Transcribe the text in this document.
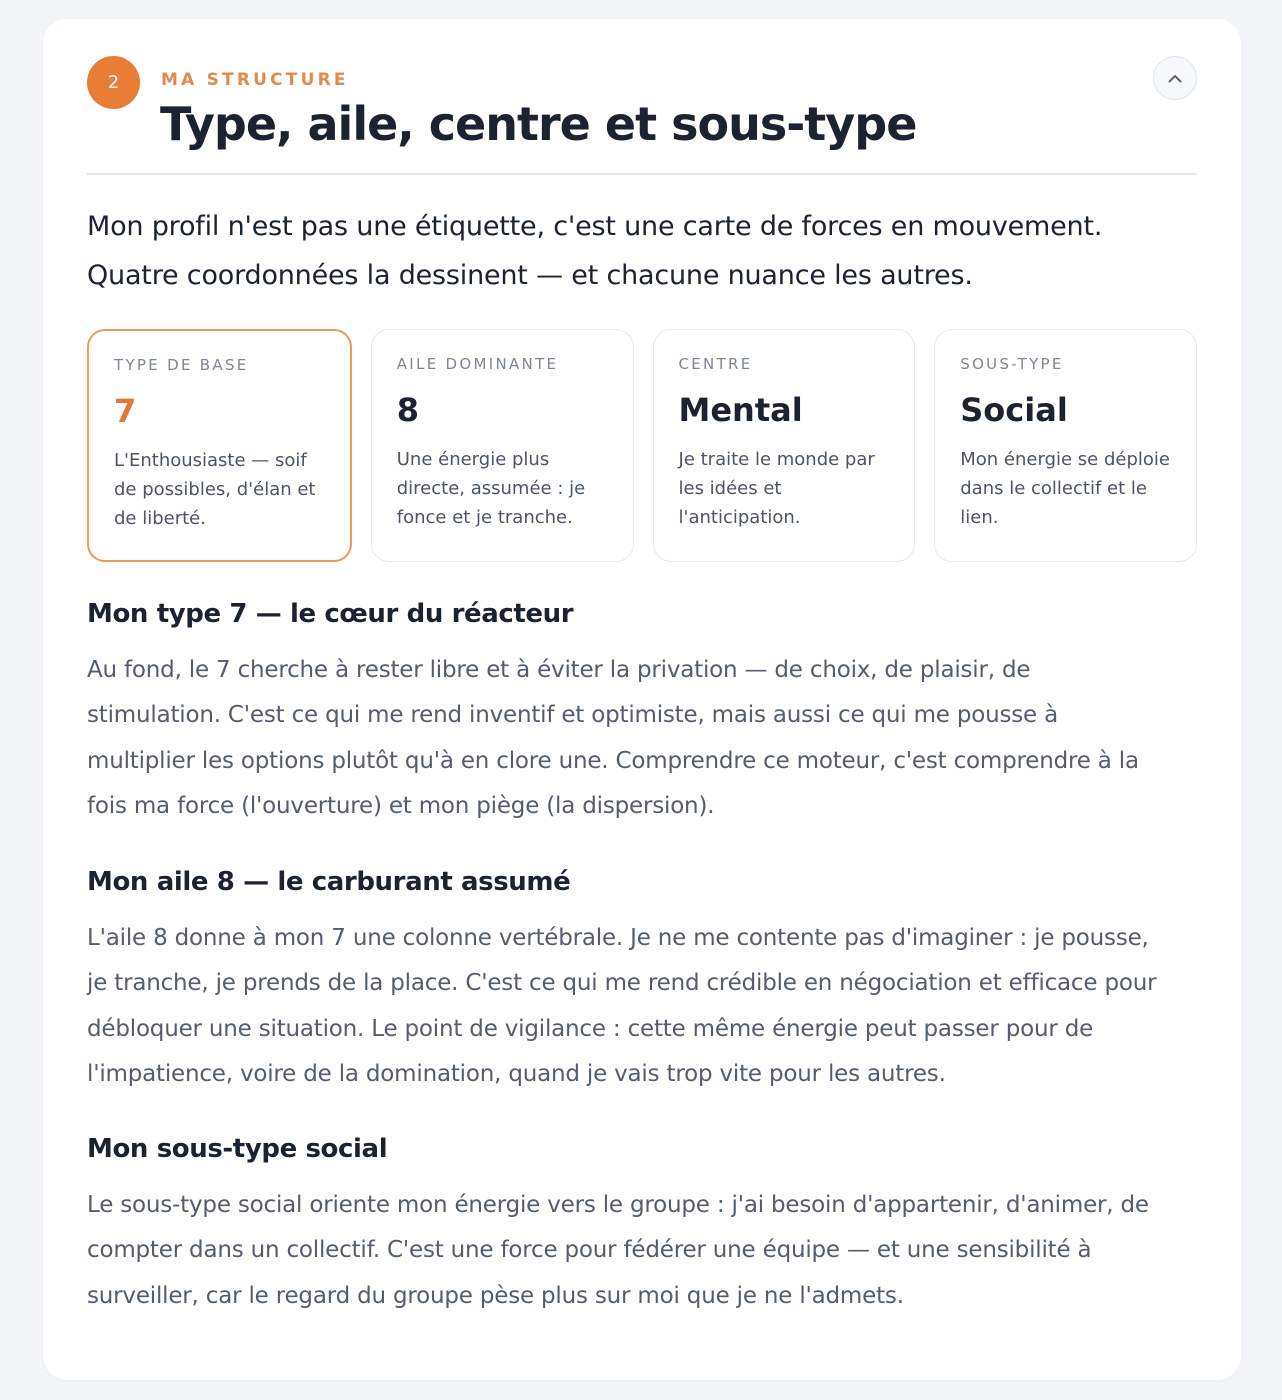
2 MA STRUCTURE
Type, aile, centre et sous-type

Mon profil n'est pas une étiquette, c'est une carte de forces en mouvement. Quatre coordonnées la dessinent — et chacune nuance les autres.

TYPE DE BASE
7
L'Enthousiaste — soif de possibles, d'élan et de liberté.
AILE DOMINANTE
8
Une énergie plus directe, assumée : je fonce et je tranche.
CENTRE
Mental
Je traite le monde par les idées et l'anticipation.
SOUS-TYPE
Social
Mon énergie se déploie dans le collectif et le lien.
Mon type 7 — le cœur du réacteur

Au fond, le 7 cherche à rester libre et à éviter la privation — de choix, de plaisir, de stimulation. C'est ce qui me rend inventif et optimiste, mais aussi ce qui me pousse à multiplier les options plutôt qu'à en clore une. Comprendre ce moteur, c'est comprendre à la fois ma force (l'ouverture) et mon piège (la dispersion).

Mon aile 8 — le carburant assumé

L'aile 8 donne à mon 7 une colonne vertébrale. Je ne me contente pas d'imaginer : je pousse, je tranche, je prends de la place. C'est ce qui me rend crédible en négociation et efficace pour débloquer une situation. Le point de vigilance : cette même énergie peut passer pour de l'impatience, voire de la domination, quand je vais trop vite pour les autres.

Mon sous-type social

Le sous-type social oriente mon énergie vers le groupe : j'ai besoin d'appartenir, d'animer, de compter dans un collectif. C'est une force pour fédérer une équipe — et une sensibilité à surveiller, car le regard du groupe pèse plus sur moi que je ne l'admets.
